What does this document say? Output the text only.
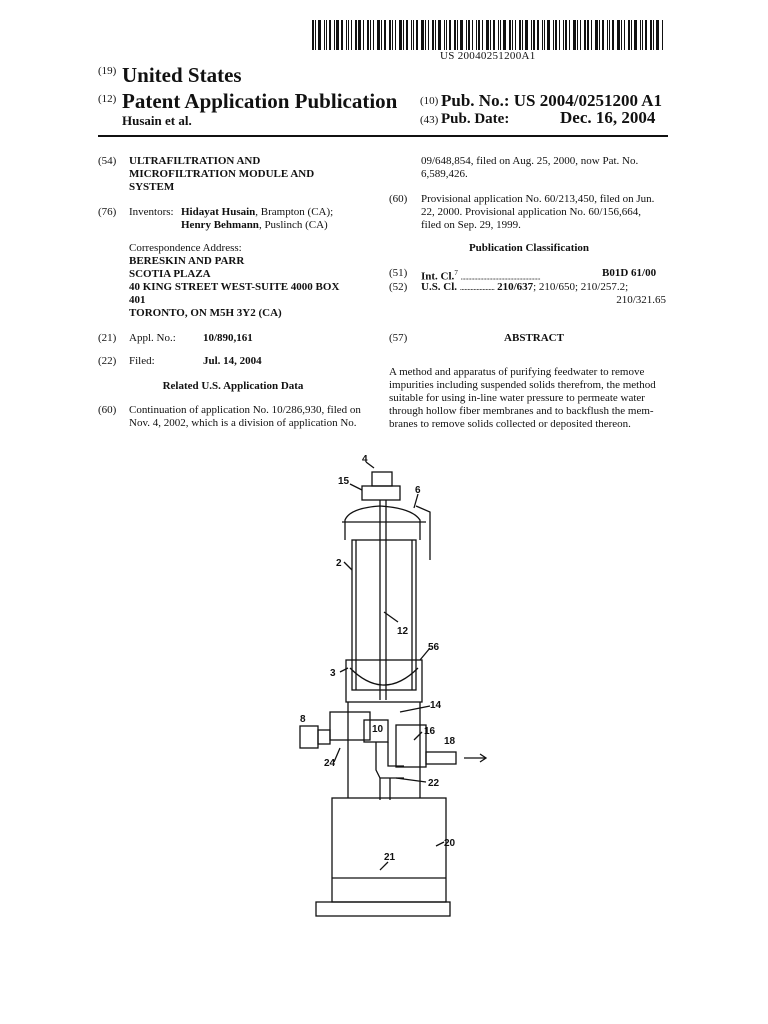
US 20040251200A1
(19) United States
(12) Patent Application Publication (10) Pub. No.: US 2004/0251200 A1
Husain et al.	(43) Pub. Date:	Dec. 16, 2004
(54) ULTRAFILTRATION AND
MICROFILTRATION MODULE AND
SYSTEM
(76) Inventors: Hidayat Husain, Brampton (CA);
Henry Behmann, Puslinch (CA)
Correspondence Address:
BERESKIN AND PARR
SCOTIA PLAZA
40 KING STREET WEST-SUITE 4000 BOX
401
TORONTO, ON M5H 3Y2 (CA)
(21) Appl. No.: 10/890,161
(22) Filed:	Jul. 14, 2004
Related U.S. Application Data
(60) Continuation of application No. 10/286,930, filed on
Nov. 4, 2002, which is a division of application No.
09/648,854, filed on Aug. 25, 2000, now Pat. No.
6,589,426.
(60) Provisional application No. 60/213,450, filed on Jun.
22, 2000. Provisional application No. 60/156,664,
filed on Sep. 29, 1999.
Publication Classification
(51) Int. Cl.$^7$ .....................................................	B01D 61/00
(52) U.S. Cl. ....................... 210/637; 210/650; 210/257.2;
210/321.65
(57)	ABSTRACT
A method and apparatus of purifying feedwater to remove
impurities including suspended solids therefrom, the method
suitable for using in-line water pressure to permeate water
through hollow fiber membranes and to backflush the mem-
branes to remove solids collected or deposited thereon.
4
15
6
2
12
56
3
14
8
10	16
18
24
22
20
21
